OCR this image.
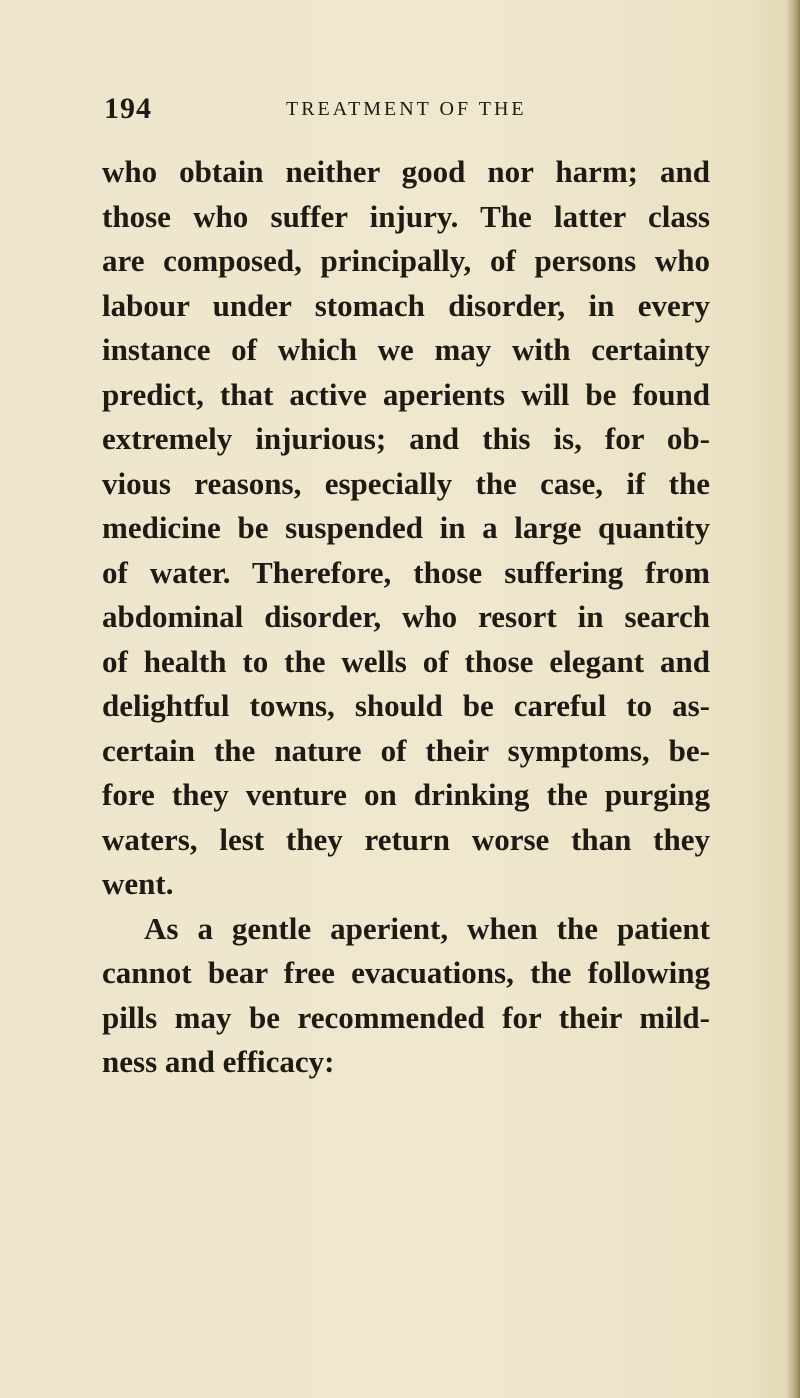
194	TREATMENT OF THE
who obtain neither good nor harm; and
those who suffer injury. The latter class
are composed, principally, of persons who
labour under stomach disorder, in every
instance of which we may with certainty
predict, that active aperients will be found
extremely injurious; and this is, for ob-
vious reasons, especially the case, if the
medicine be suspended in a large quantity
of water. Therefore, those suffering from
abdominal disorder, who resort in search
of health to the wells of those elegant and
delightful towns, should be careful to as-
certain the nature of their symptoms, be-
fore they venture on drinking the purging
waters, lest they return worse than they
went.
As a gentle aperient, when the patient
cannot bear free evacuations, the following
pills may be recommended for their mild-
ness and efficacy:
